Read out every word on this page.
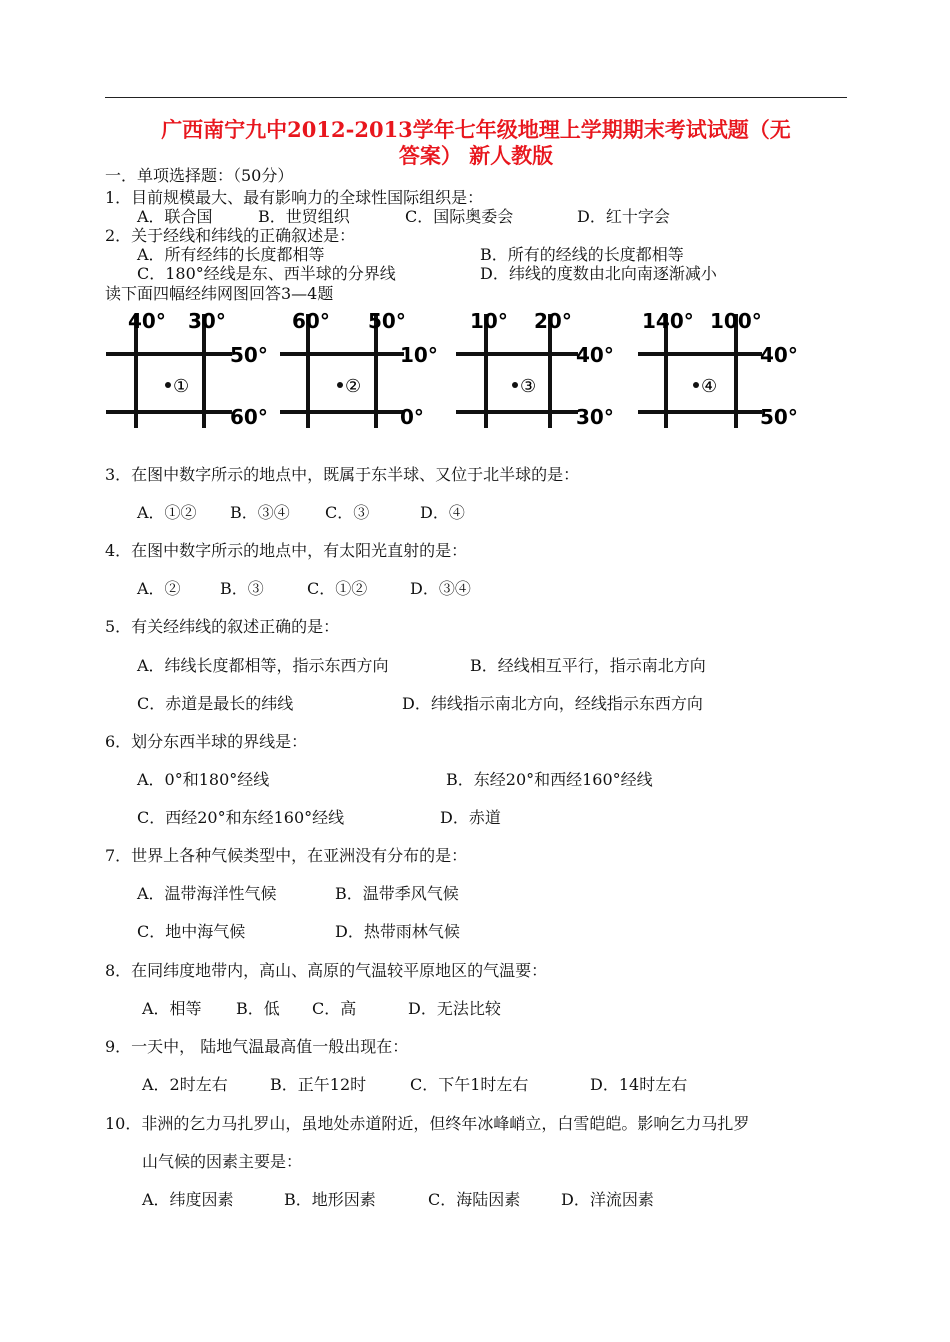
广西南宁九中2012-2013学年七年级地理上学期期末考试试题（无
答案） 新人教版
一．单项选择题：（50分）
1．目前规模最大、最有影响力的全球性国际组织是：
A．联合国	B．世贸组织	C．国际奥委会	D．红十字会
2．关于经线和纬线的正确叙述是：
A．所有经纬的长度都相等	B．所有的经线的长度都相等
C．180°经线是东、西半球的分界线	D．纬线的度数由北向南逐渐减小
读下面四幅经纬网图回答3—4题
40° 30°
50°
60°
①
60° 50°
10°
0°
②
10° 20°
40°
30°
③
140° 100°
40°
50°
④
3．在图中数字所示的地点中，既属于东半球、又位于北半球的是：
A．①② B．③④ C．③	D．④
4．在图中数字所示的地点中，有太阳光直射的是：
A．② B．③	C．①②	D．③④
5．有关经纬线的叙述正确的是：
A．纬线长度都相等，指示东西方向	B．经线相互平行，指示南北方向
C．赤道是最长的纬线	D．纬线指示南北方向，经线指示东西方向
6．划分东西半球的界线是：
A．0°和180°经线	B．东经20°和西经160°经线
C．西经20°和东经160°经线	D．赤道
7．世界上各种气候类型中，在亚洲没有分布的是：
A．温带海洋性气候	B．温带季风气候
C．地中海气候	D．热带雨林气候
8．在同纬度地带内，高山、高原的气温较平原地区的气温要：
A．相等 B．低 C．高	D．无法比较
9．一天中， 陆地气温最高值一般出现在：
A．2时左右	B．正午12时	C．下午1时左右	D．14时左右
10．非洲的乞力马扎罗山，虽地处赤道附近，但终年冰峰峭立，白雪皑皑。影响乞力马扎罗
山气候的因素主要是：
A．纬度因素	B．地形因素	C．海陆因素	D．洋流因素
